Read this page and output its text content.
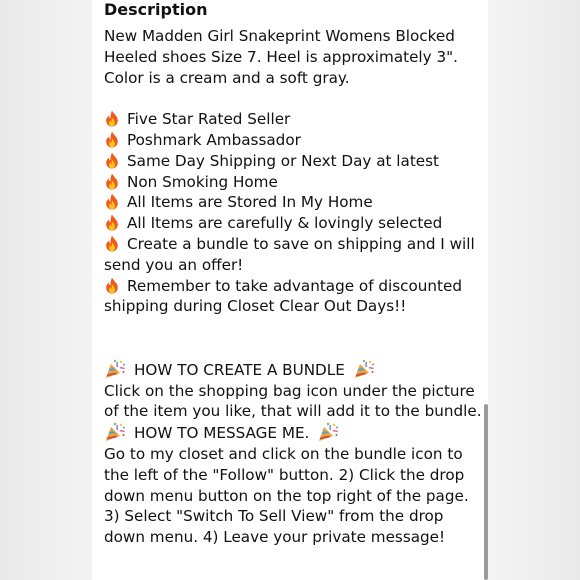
Description

New Madden Girl Snakeprint Womens Blocked Heeled shoes Size 7. Heel is approximately 3". Color is a cream and a soft gray.

Five Star Rated Seller
Poshmark Ambassador
Same Day Shipping or Next Day at latest
Non Smoking Home
All Items are Stored In My Home
All Items are carefully & lovingly selected
Create a bundle to save on shipping and I will send you an offer!
Remember to take advantage of discounted shipping during Closet Clear Out Days!!
HOW TO CREATE A BUNDLE

Click on the shopping bag icon under the picture of the item you like, that will add it to the bundle.

HOW TO MESSAGE ME.

Go to my closet and click on the bundle icon to the left of the "Follow" button. 2) Click the drop down menu button on the top right of the page. 3) Select "Switch To Sell View" from the drop down menu. 4) Leave your private message!
